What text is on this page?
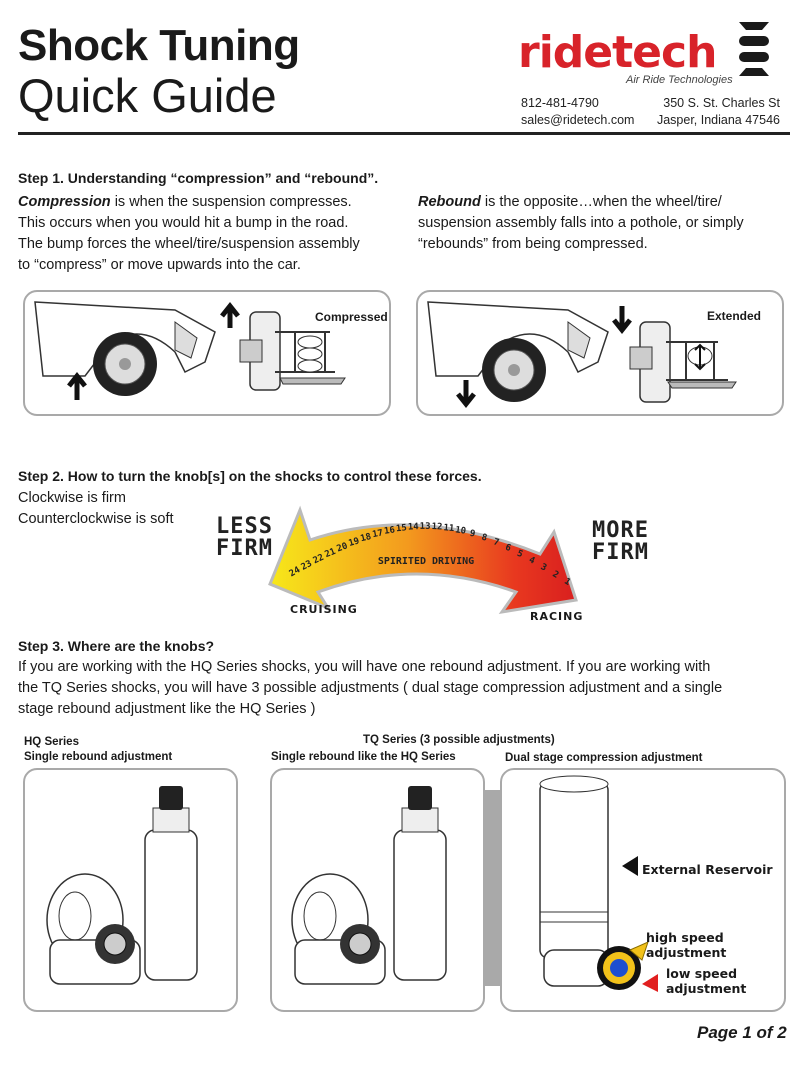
Shock Tuning
Quick Guide
ridetech
Air Ride Technologies
812-481-4790
sales@ridetech.com
350 S. St. Charles St
Jasper, Indiana 47546
Step 1. Understanding “compression” and “rebound”.
Compression is when the suspension compresses.
This occurs when you would hit a bump in the road.
The bump forces the wheel/tire/suspension assembly
to “compress” or move upwards into the car.
Rebound is the opposite…when the wheel/tire/
suspension assembly falls into a pothole, or simply
“rebounds” from being compressed.
Compressed	Extended
Step 2. How to turn the knob[s] on the shocks to control these forces.
Clockwise is firm
Counterclockwise is soft LESS
FIRM
MORE
FIRM
SPIRITED DRIVING
24
23
22
21
20
19
18 17 16 15 14 13 12 11 10 9 8 7 6
5
4
3
2
1
CRUISING
RACING
Step 3. Where are the knobs?
If you are working with the HQ Series shocks, you will have one rebound adjustment. If you are working with
the TQ Series shocks, you will have 3 possible adjustments ( dual stage compression adjustment and a single
stage rebound adjustment like the HQ Series )
HQ Series
Single rebound adjustment
TQ Series (3 possible adjustments)
Single rebound like the HQ Series	Dual stage compression adjustment
External Reservoir
high speed
adjustment
low speed
adjustment
Page 1 of 2
